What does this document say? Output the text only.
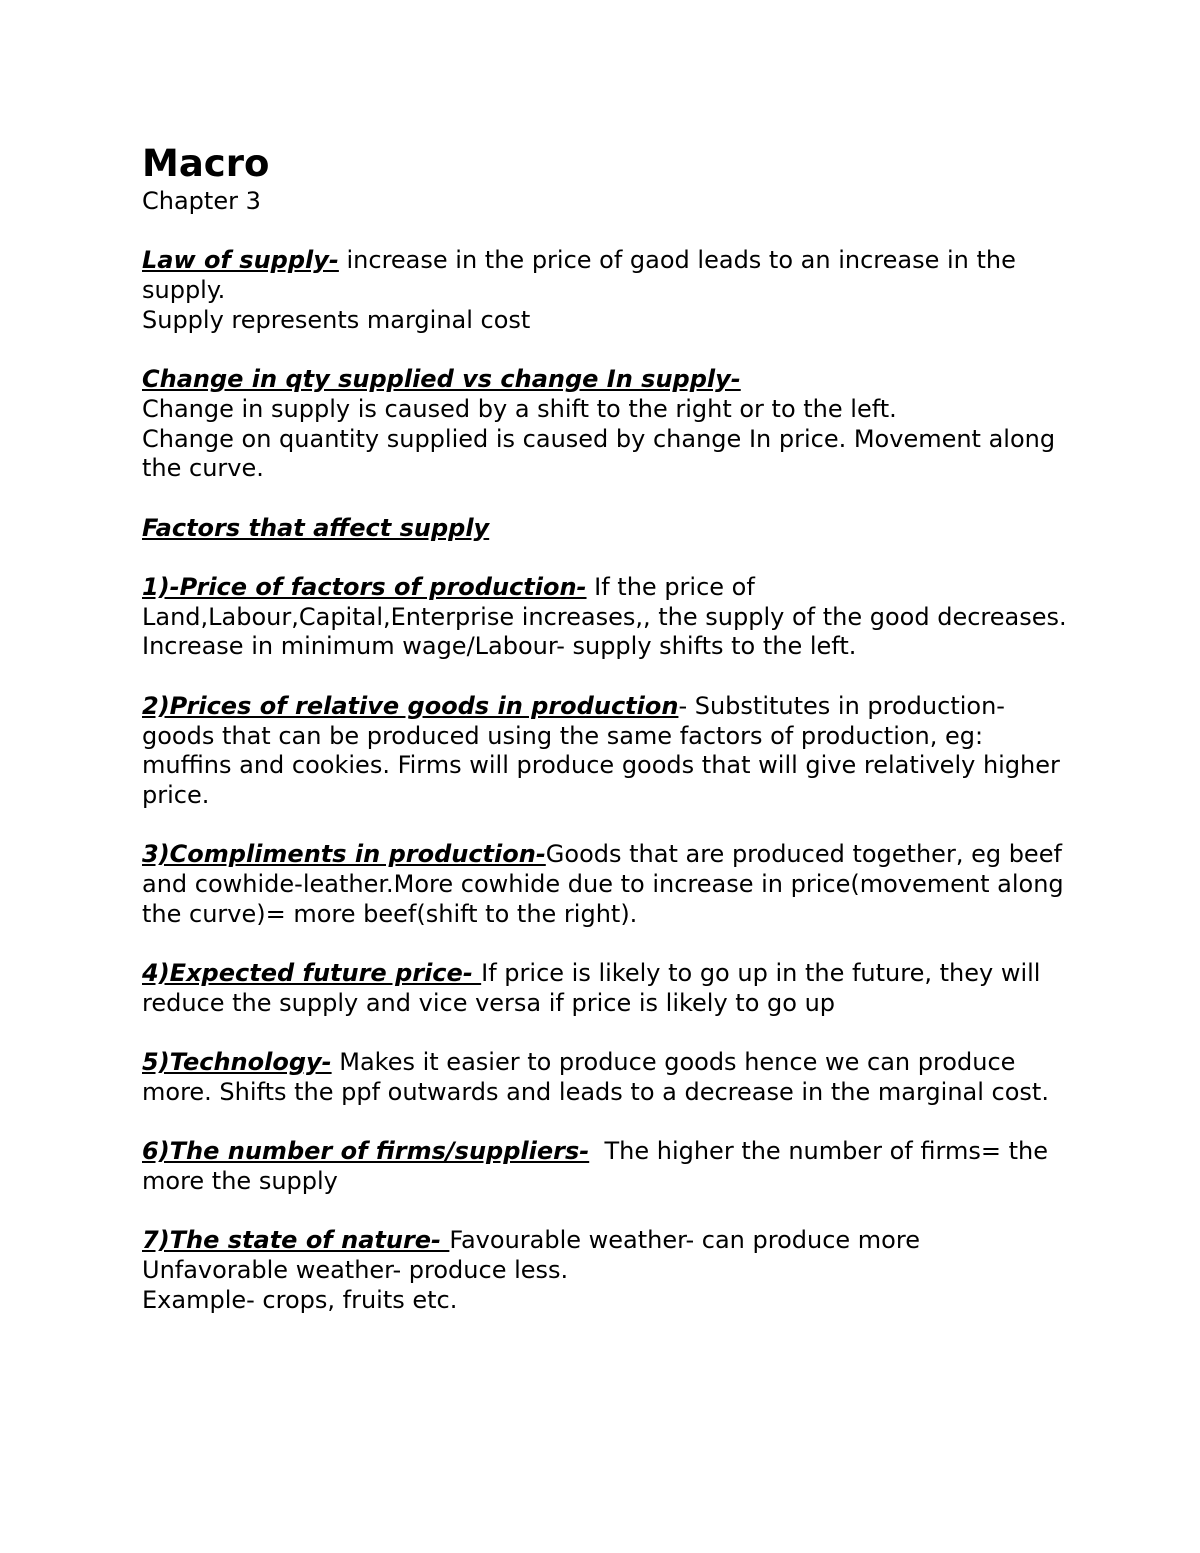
Macro

Chapter 3

Law of supply- increase in the price of gaod leads to an increase in the supply.

Supply represents marginal cost

Change in qty supplied vs change In supply-

Change in supply is caused by a shift to the right or to the left.

Change on quantity supplied is caused by change In price. Movement along the curve.

Factors that affect supply

1)-Price of factors of production- If the price of Land,Labour,Capital,Enterprise increases,, the supply of the good decreases.

Increase in minimum wage/Labour- supply shifts to the left.

2)Prices of relative goods in production- Substitutes in production- goods that can be produced using the same factors of production, eg: muffins and cookies. Firms will produce goods that will give relatively higher price.

3)Compliments in production-Goods that are produced together, eg beef and cowhide-leather.More cowhide due to increase in price(movement along the curve)= more beef(shift to the right).

4)Expected future price- If price is likely to go up in the future, they will reduce the supply and vice versa if price is likely to go up

5)Technology- Makes it easier to produce goods hence we can produce more. Shifts the ppf outwards and leads to a decrease in the marginal cost.

6)The number of firms/suppliers-  The higher the number of firms= the more the supply

7)The state of nature- Favourable weather- can produce more

Unfavorable weather- produce less.

Example- crops, fruits etc.
